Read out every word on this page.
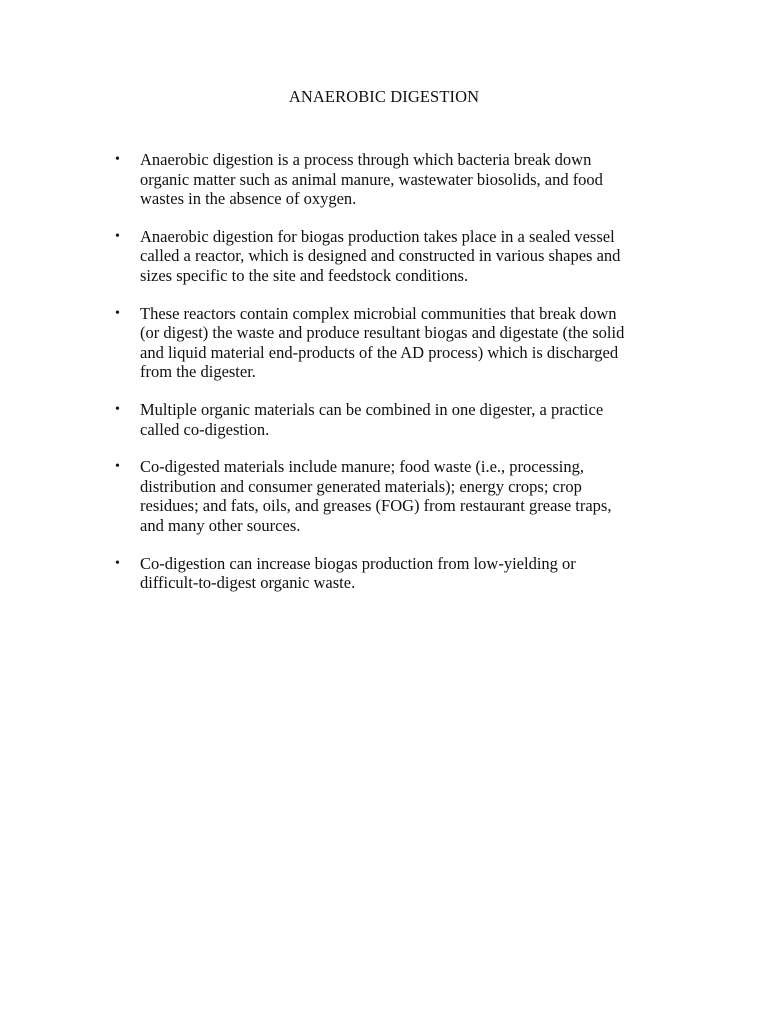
ANAEROBIC DIGESTION
• Anaerobic digestion is a process through which bacteria break down
organic matter such as animal manure, wastewater biosolids, and food
wastes in the absence of oxygen.
• Anaerobic digestion for biogas production takes place in a sealed vessel
called a reactor, which is designed and constructed in various shapes and
sizes specific to the site and feedstock conditions.
• These reactors contain complex microbial communities that break down
(or digest) the waste and produce resultant biogas and digestate (the solid
and liquid material end-products of the AD process) which is discharged
from the digester.
• Multiple organic materials can be combined in one digester, a practice
called co-digestion.
• Co-digested materials include manure; food waste (i.e., processing,
distribution and consumer generated materials); energy crops; crop
residues; and fats, oils, and greases (FOG) from restaurant grease traps,
and many other sources.
• Co-digestion can increase biogas production from low-yielding or
difficult-to-digest organic waste.
